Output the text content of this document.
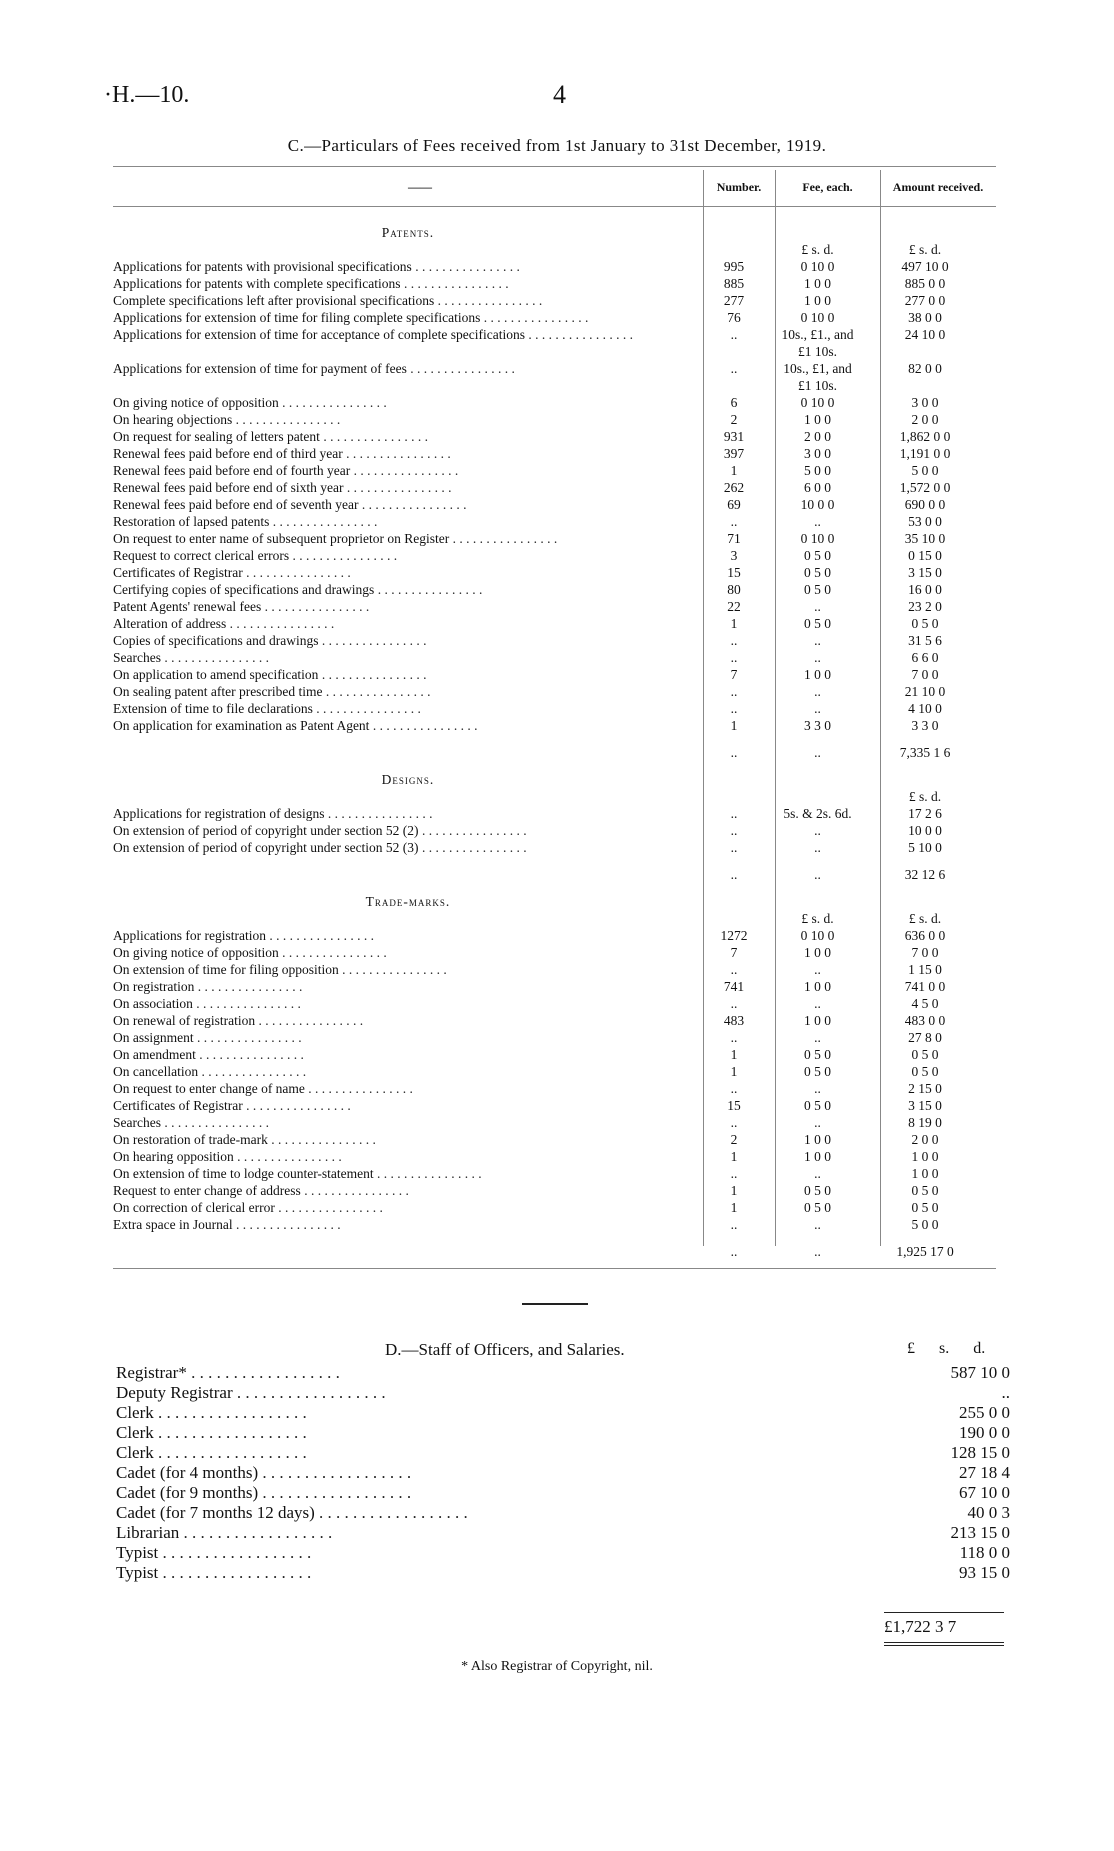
·H.—10.	4
C.—Particulars of Fees received from 1st January to 31st December, 1919.
——	Number.	Fee, each.	Amount received.
Patents.			
		£ s. d.	£ s. d.
Applications for patents with provisional specifications . . . . . . . . . . . . . . . .	995	0 10 0	497 10 0
Applications for patents with complete specifications . . . . . . . . . . . . . . . .	885	1 0 0	885 0 0
Complete specifications left after provisional specifications . . . . . . . . . . . . . . . .	277	1 0 0	277 0 0
Applications for extension of time for filing complete specifications . . . . . . . . . . . . . . . .	76	0 10 0	38 0 0
Applications for extension of time for acceptance of complete specifications . . . . . . . . . . . . . . . .	..	10s., £1., and	24 10 0
		£1 10s.	
Applications for extension of time for payment of fees . . . . . . . . . . . . . . . .	..	10s., £1, and	82 0 0
		£1 10s.	
On giving notice of opposition . . . . . . . . . . . . . . . .	6	0 10 0	3 0 0
On hearing objections . . . . . . . . . . . . . . . .	2	1 0 0	2 0 0
On request for sealing of letters patent . . . . . . . . . . . . . . . .	931	2 0 0	1,862 0 0
Renewal fees paid before end of third year . . . . . . . . . . . . . . . .	397	3 0 0	1,191 0 0
Renewal fees paid before end of fourth year . . . . . . . . . . . . . . . .	1	5 0 0	5 0 0
Renewal fees paid before end of sixth year . . . . . . . . . . . . . . . .	262	6 0 0	1,572 0 0
Renewal fees paid before end of seventh year . . . . . . . . . . . . . . . .	69	10 0 0	690 0 0
Restoration of lapsed patents . . . . . . . . . . . . . . . .	..	..	53 0 0
On request to enter name of subsequent proprietor on Register . . . . . . . . . . . . . . . .	71	0 10 0	35 10 0
Request to correct clerical errors . . . . . . . . . . . . . . . .	3	0 5 0	0 15 0
Certificates of Registrar . . . . . . . . . . . . . . . .	15	0 5 0	3 15 0
Certifying copies of specifications and drawings . . . . . . . . . . . . . . . .	80	0 5 0	16 0 0
Patent Agents' renewal fees . . . . . . . . . . . . . . . .	22	..	23 2 0
Alteration of address . . . . . . . . . . . . . . . .	1	0 5 0	0 5 0
Copies of specifications and drawings . . . . . . . . . . . . . . . .	..	..	31 5 6
Searches . . . . . . . . . . . . . . . .	..	..	6 6 0
On application to amend specification . . . . . . . . . . . . . . . .	7	1 0 0	7 0 0
On sealing patent after prescribed time . . . . . . . . . . . . . . . .	..	..	21 10 0
Extension of time to file declarations . . . . . . . . . . . . . . . .	..	..	4 10 0
On application for examination as Patent Agent . . . . . . . . . . . . . . . .	1	3 3 0	3 3 0
	..	..	7,335 1 6
Designs.			
			£ s. d.
Applications for registration of designs . . . . . . . . . . . . . . . .	..	5s. & 2s. 6d.	17 2 6
On extension of period of copyright under section 52 (2) . . . . . . . . . . . . . . . .	..	..	10 0 0
On extension of period of copyright under section 52 (3) . . . . . . . . . . . . . . . .	..	..	5 10 0
	..	..	32 12 6
Trade-marks.			
		£ s. d.	£ s. d.
Applications for registration . . . . . . . . . . . . . . . .	1272	0 10 0	636 0 0
On giving notice of opposition . . . . . . . . . . . . . . . .	7	1 0 0	7 0 0
On extension of time for filing opposition . . . . . . . . . . . . . . . .	..	..	1 15 0
On registration . . . . . . . . . . . . . . . .	741	1 0 0	741 0 0
On association . . . . . . . . . . . . . . . .	..	..	4 5 0
On renewal of registration . . . . . . . . . . . . . . . .	483	1 0 0	483 0 0
On assignment . . . . . . . . . . . . . . . .	..	..	27 8 0
On amendment . . . . . . . . . . . . . . . .	1	0 5 0	0 5 0
On cancellation . . . . . . . . . . . . . . . .	1	0 5 0	0 5 0
On request to enter change of name . . . . . . . . . . . . . . . .	..	..	2 15 0
Certificates of Registrar . . . . . . . . . . . . . . . .	15	0 5 0	3 15 0
Searches . . . . . . . . . . . . . . . .	..	..	8 19 0
On restoration of trade-mark . . . . . . . . . . . . . . . .	2	1 0 0	2 0 0
On hearing opposition . . . . . . . . . . . . . . . .	1	1 0 0	1 0 0
On extension of time to lodge counter-statement . . . . . . . . . . . . . . . .	..	..	1 0 0
Request to enter change of address . . . . . . . . . . . . . . . .	1	0 5 0	0 5 0
On correction of clerical error . . . . . . . . . . . . . . . .	1	0 5 0	0 5 0
Extra space in Journal . . . . . . . . . . . . . . . .	..	..	5 0 0
	..	..	1,925 17 0
D.—Staff of Officers, and Salaries.	£ s. d.
Registrar* . . . . . . . . . . . . . . . . . .	587 10 0
Deputy Registrar . . . . . . . . . . . . . . . . . .	..
Clerk . . . . . . . . . . . . . . . . . .	255 0 0
Clerk . . . . . . . . . . . . . . . . . .	190 0 0
Clerk . . . . . . . . . . . . . . . . . .	128 15 0
Cadet (for 4 months) . . . . . . . . . . . . . . . . . .	27 18 4
Cadet (for 9 months) . . . . . . . . . . . . . . . . . .	67 10 0
Cadet (for 7 months 12 days) . . . . . . . . . . . . . . . . . .	40 0 3
Librarian . . . . . . . . . . . . . . . . . .	213 15 0
Typist . . . . . . . . . . . . . . . . . .	118 0 0
Typist . . . . . . . . . . . . . . . . . .	93 15 0
£1,722 3 7
* Also Registrar of Copyright, nil.
